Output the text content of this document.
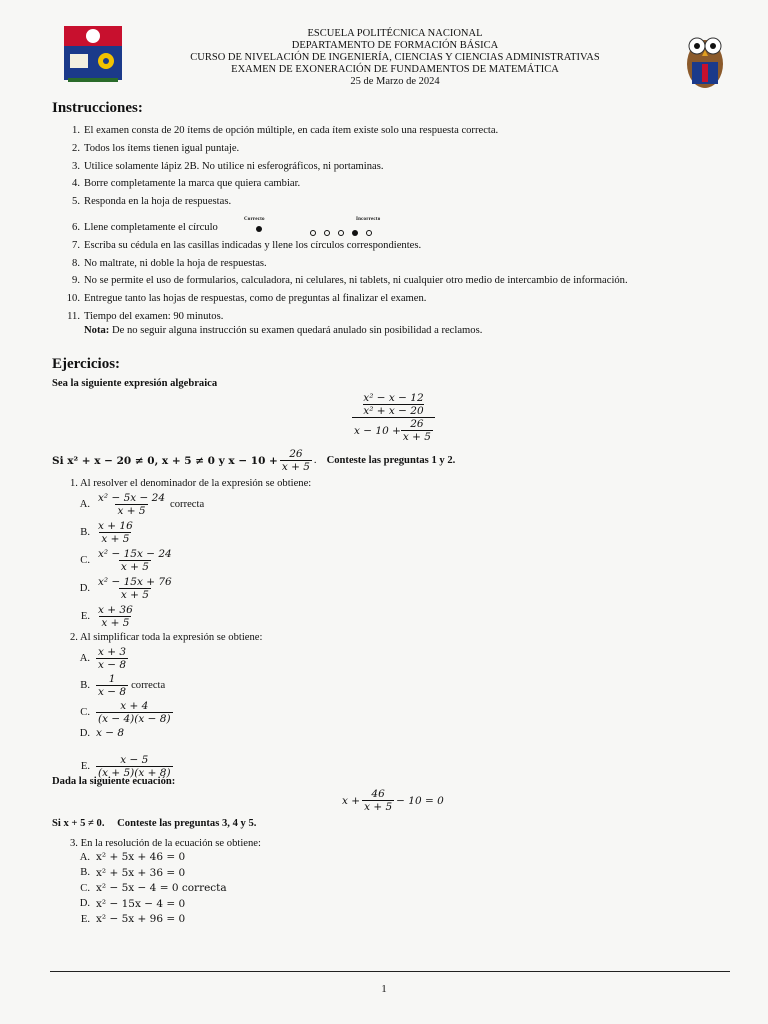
ESCUELA POLITÉCNICA NACIONAL
DEPARTAMENTO DE FORMACIÓN BÁSICA
CURSO DE NIVELACIÓN DE INGENIERÍA, CIENCIAS Y CIENCIAS ADMINISTRATIVAS
EXAMEN DE EXONERACIÓN DE FUNDAMENTOS DE MATEMÁTICA
25 de Marzo de 2024
Instrucciones:
1. El examen consta de 20 ítems de opción múltiple, en cada ítem existe solo una respuesta correcta.
2. Todos los ítems tienen igual puntaje.
3. Utilice solamente lápiz 2B. No utilice ni esferográficos, ni portaminas.
4. Borre completamente la marca que quiera cambiar.
5. Responda en la hoja de respuestas.
6. Llene completamente el círculo
Correcto	Incorrecto
7. Escriba su cédula en las casillas indicadas y llene los círculos correspondientes.
8. No maltrate, ni doble la hoja de respuestas.
9. No se permite el uso de formularios, calculadora, ni celulares, ni tablets, ni cualquier otro medio de intercambio de información.
10. Entregue tanto las hojas de respuestas, como de preguntas al finalizar el examen.
11. Tiempo del examen: 90 minutos.
Nota: De no seguir alguna instrucción su examen quedará anulado sin posibilidad a reclamos.
Ejercicios:
Sea la siguiente expresión algebraica
$\frac{\frac{\text{x² − x − 12}}{\text{x² + x − 20}}}{x - 10 + \frac{26}{x + 5}}$
Si x² + x − 20 ≠ 0, x + 5 ≠ 0 y $x - 10 + \frac{26}{x + 5}$ . Conteste las preguntas 1 y 2.
1. Al resolver el denominador de la expresión se obtiene:
A. $\frac{\text{x² − 5x − 24}}{x + 5}$ correcta
B. $\frac{x + 16}{x + 5}$
C. $\frac{\text{x² − 15x − 24}}{x + 5}$
D. $\frac{\text{x² − 15x + 76}}{x + 5}$
E. $\frac{x + 36}{x + 5}$
2. Al simplificar toda la expresión se obtiene:
A. $\frac{x + 3}{x - 8}$
B. $\frac{1}{x - 8}$ correcta
C. $\frac{x + 4}{(x - 4)(x - 8)}$
D. x − 8
E. $\frac{x - 5}{(x + 5)(x + 8)}$
Dada la siguiente ecuación:
$x + \frac{46}{x + 5} - 10 = 0$
Si x + 5 ≠ 0. Conteste las preguntas 3, 4 y 5.
3. En la resolución de la ecuación se obtiene:
A. x² + 5x + 46 = 0
B. x² + 5x + 36 = 0
C. x² − 5x − 4 = 0 correcta
D. x² − 15x − 4 = 0
E. x² − 5x + 96 = 0
1
